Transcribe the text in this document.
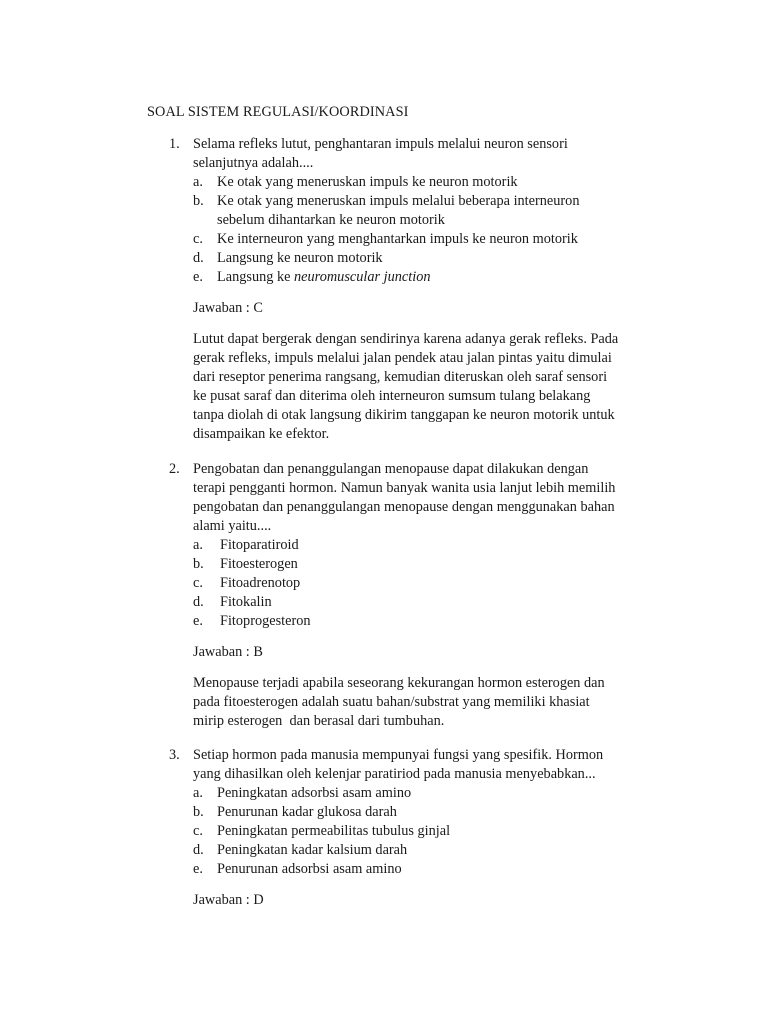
SOAL SISTEM REGULASI/KOORDINASI
1. Selama refleks lutut, penghantaran impuls melalui neuron sensori
selanjutnya adalah....
a. Ke otak yang meneruskan impuls ke neuron motorik
b. Ke otak yang meneruskan impuls melalui beberapa interneuron
sebelum dihantarkan ke neuron motorik
c. Ke interneuron yang menghantarkan impuls ke neuron motorik
d. Langsung ke neuron motorik
e. Langsung ke neuromuscular junction
Jawaban : C
Lutut dapat bergerak dengan sendirinya karena adanya gerak refleks. Pada
gerak refleks, impuls melalui jalan pendek atau jalan pintas yaitu dimulai
dari reseptor penerima rangsang, kemudian diteruskan oleh saraf sensori
ke pusat saraf dan diterima oleh interneuron sumsum tulang belakang
tanpa diolah di otak langsung dikirim tanggapan ke neuron motorik untuk
disampaikan ke efektor.
2. Pengobatan dan penanggulangan menopause dapat dilakukan dengan
terapi pengganti hormon. Namun banyak wanita usia lanjut lebih memilih
pengobatan dan penanggulangan menopause dengan menggunakan bahan
alami yaitu....
a. Fitoparatiroid
b. Fitoesterogen
c. Fitoadrenotop
d. Fitokalin
e. Fitoprogesteron
Jawaban : B
Menopause terjadi apabila seseorang kekurangan hormon esterogen dan
pada fitoesterogen adalah suatu bahan/substrat yang memiliki khasiat
mirip esterogen  dan berasal dari tumbuhan.
3. Setiap hormon pada manusia mempunyai fungsi yang spesifik. Hormon
yang dihasilkan oleh kelenjar paratiriod pada manusia menyebabkan...
a. Peningkatan adsorbsi asam amino
b. Penurunan kadar glukosa darah
c. Peningkatan permeabilitas tubulus ginjal
d. Peningkatan kadar kalsium darah
e. Penurunan adsorbsi asam amino
Jawaban : D
